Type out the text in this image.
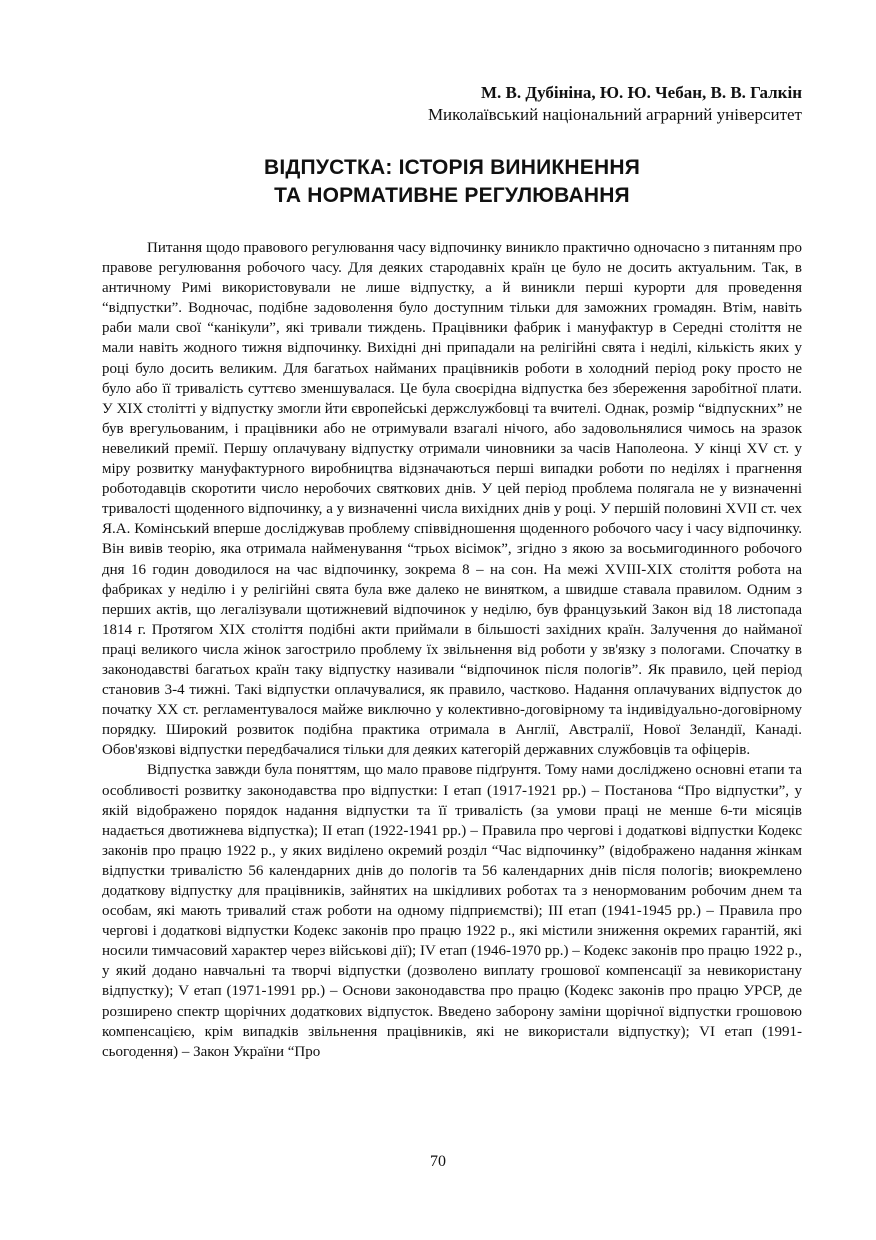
М. В. Дубініна, Ю. Ю. Чебан, В. В. Галкін

Миколаївський національний аграрний університет

ВІДПУСТКА: ІСТОРІЯ ВИНИКНЕННЯ
ТА НОРМАТИВНЕ РЕГУЛЮВАННЯ

Питання щодо правового регулювання часу відпочинку виникло практично одночасно з питанням про правове регулювання робочого часу. Для деяких стародавніх країн це було не досить актуальним. Так, в античному Римі використовували не лише відпустку, а й виникли перші курорти для проведення “відпустки”. Водночас, подібне задоволення було доступним тільки для заможних громадян. Втім, навіть раби мали свої “канікули”, які тривали тиждень. Працівники фабрик і мануфактур в Середні століття не мали навіть жодного тижня відпочинку. Вихідні дні припадали на релігійні свята і неділі, кількість яких у році було досить великим. Для багатьох найманих працівників роботи в холодний період року просто не було або її тривалість суттєво зменшувалася. Це була своєрідна відпустка без збереження заробітної плати. У XIX столітті у відпустку змогли йти європейські держслужбовці та вчителі. Однак, розмір “відпускних” не був врегульованим, і працівники або не отримували взагалі нічого, або задовольнялися чимось на зразок невеликий премії. Першу оплачувану відпустку отримали чиновники за часів Наполеона. У кінці XV ст. у міру розвитку мануфактурного виробництва відзначаються перші випадки роботи по неділях і прагнення роботодавців скоротити число неробочих святкових днів. У цей період проблема полягала не у визначенні тривалості щоденного відпочинку, а у визначенні числа вихідних днів у році. У першій половині XVII ст. чех Я.А. Комінський вперше досліджував проблему співвідношення щоденного робочого часу і часу відпочинку. Він вивів теорію, яка отримала найменування “трьох вісімок”, згідно з якою за восьмигодинного робочого дня 16 годин доводилося на час відпочинку, зокрема 8 – на сон. На межі XVIII-XIX століття робота на фабриках у неділю і у релігійні свята була вже далеко не винятком, а швидше ставала правилом. Одним з перших актів, що легалізували щотижневий відпочинок у неділю, був французький Закон від 18 листопада 1814 г. Протягом XIX століття подібні акти приймали в більшості західних країн. Залучення до найманої праці великого числа жінок загострило проблему їх звільнення від роботи у зв'язку з пологами. Спочатку в законодавстві багатьох країн таку відпустку називали “відпочинок після пологів”. Як правило, цей період становив 3-4 тижні. Такі відпустки оплачувалися, як правило, частково. Надання оплачуваних відпусток до початку XX ст. регламентувалося майже виключно у колективно-договірному та індивідуально-договірному порядку. Широкий розвиток подібна практика отримала в Англії, Австралії, Нової Зеландії, Канаді. Обов'язкові відпустки передбачалися тільки для деяких категорій державних службовців та офіцерів.

Відпустка завжди була поняттям, що мало правове підґрунтя. Тому нами досліджено основні етапи та особливості розвитку законодавства про відпустки: I етап (1917-1921 рр.) – Постанова “Про відпустки”, у якій відображено порядок надання відпустки та її тривалість (за умови праці не менше 6-ти місяців надається двотижнева відпустка); II етап (1922-1941 рр.) – Правила про чергові і додаткові відпустки Кодекс законів про працю 1922 р., у яких виділено окремий розділ “Час відпочинку” (відображено надання жінкам відпустки тривалістю 56 календарних днів до пологів та 56 календарних днів після пологів; виокремлено додаткову відпустку для працівників, зайнятих на шкідливих роботах та з ненормованим робочим днем та особам, які мають тривалий стаж роботи на одному підприємстві); III етап (1941-1945 рр.) – Правила про чергові і додаткові відпустки Кодекс законів про працю 1922 р., які містили зниження окремих гарантій, які носили тимчасовий характер через військові дії); IV етап (1946-1970 рр.) – Кодекс законів про працю 1922 р., у який додано навчальні та творчі відпустки (дозволено виплату грошової компенсації за невикористану відпустку); V етап (1971-1991 рр.) – Основи законодавства про працю (Кодекс законів про працю УРСР, де розширено спектр щорічних додаткових відпусток. Введено заборону заміни щорічної відпустки грошовою компенсацією, крім випадків звільнення працівників, які не використали відпустку); VI етап (1991-сьогодення) – Закон України “Про

70
